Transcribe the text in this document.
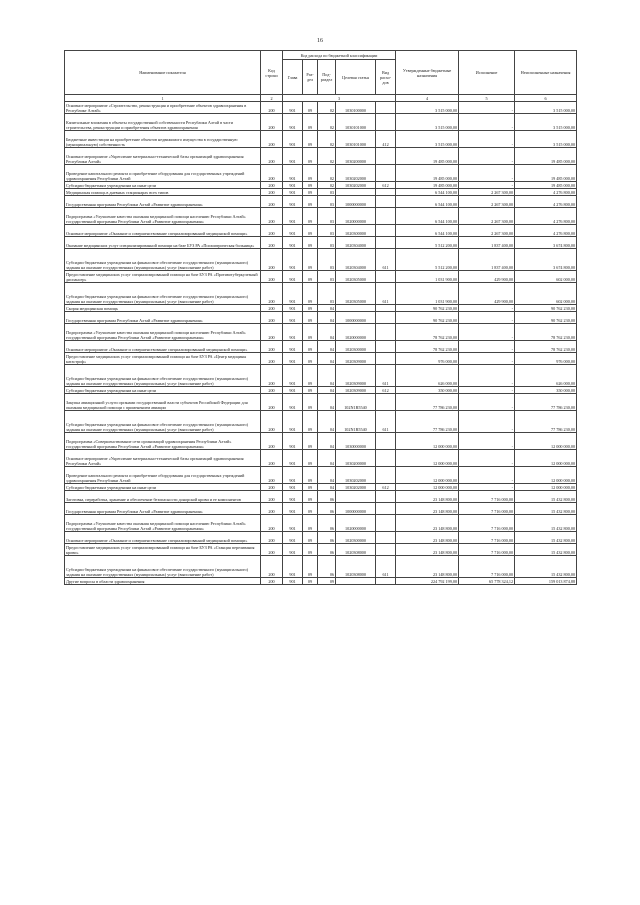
16
Наименование показателя	Код строки	Код расхода по бюджетной классификации					Утвержденные бюджетные назначения	Исполнение	Неисполненные назначения
		Глава	Раз-дел	Под-раздел	Целевая статья	Вид расхо-дов			
1	2	3					4	5	6
Основное мероприятие «Строительство, реконструкция и приобретение объектов здравоохранения в Республике Алтай»	200	901	09	02	1030100000		3 515 000,00	-	3 515 000,00
Капитальные вложения в объекты государственной собственности Республики Алтай в части строительства, реконструкции и приобретения объектов здравоохранения	200	901	09	02	1030101000		3 515 000,00	-	3 515 000,00
Бюджетные инвестиции на приобретение объектов недвижимого имущества в государственную (муниципальную) собственность	200	901	09	02	1030101000	412	3 515 000,00	-	3 515 000,00
Основное мероприятие «Укрепление материально-технической базы организаций здравоохранения Республики Алтай»	200	901	09	02	1030200000		19 485 000,00	-	19 485 000,00
Проведение капитального ремонта и приобретение оборудования для государственных учреждений здравоохранения Республики Алтай	200	901	09	02	1030202000		19 485 000,00	-	19 485 000,00
Субсидии бюджетным учреждениям на иные цели	200	901	09	02	1030202000	612	19 485 000,00	-	19 485 000,00
Медицинская помощь в дневных стационарах всех типов	200	901	09	03			6 544 100,00	2 267 300,00	4 276 800,00
Государственная программа Республики Алтай «Развитие здравоохранения»	200	901	09	03	1000000000		6 544 100,00	2 267 300,00	4 276 800,00
Подпрограмма «Улучшение качества оказания медицинской помощи населению Республики Алтай» государственной программы Республики Алтай «Развитие здравоохранения»	200	901	09	03	1020000000		6 544 100,00	2 267 300,00	4 276 800,00
Основное мероприятие «Оказание и совершенствование специализированной медицинской помощи»	200	901	09	03	1020300000		6 544 100,00	2 267 300,00	4 276 800,00
Оказание медицинских услуг специализированной помощи на базе БУЗ РА «Психиатрическая больница»	200	901	09	03	1020304000		5 512 200,00	1 837 400,00	3 674 800,00
Субсидии бюджетным учреждениям на финансовое обеспечение государственного (муниципального) задания на оказание государственных (муниципальных) услуг (выполнение работ)	200	901	09	03	1020304000	611	5 512 200,00	1 837 400,00	3 674 800,00
Предоставление медицинских услуг специализированной помощи на базе БУЗ РА «Противотуберкулезный диспансер»	200	901	09	03	1020305000		1 031 900,00	429 900,00	602 000,00
Субсидии бюджетным учреждениям на финансовое обеспечение государственного (муниципального) задания на оказание государственных (муниципальных) услуг (выполнение работ)	200	901	09	03	1020305000	611	1 031 900,00	429 900,00	602 000,00
Скорая медицинская помощь	200	901	09	04			90 762 230,00	-	90 762 230,00
Государственная программа Республики Алтай «Развитие здравоохранения»	200	901	09	04	1000000000		90 762 230,00	-	90 762 230,00
Подпрограмма «Улучшение качества оказания медицинской помощи населению Республики Алтай» государственной программы Республики Алтай «Развитие здравоохранения»	200	901	09	04	1020000000		78 762 230,00	-	78 762 230,00
Основное мероприятие «Оказание и совершенствование специализированной медицинской помощи»	200	901	09	04	1020300000		78 762 230,00	-	78 762 230,00
Предоставление медицинских услуг специализированной помощи на базе БУЗ РА «Центр медицины катастроф»	200	901	09	04	1020309000		976 000,00	-	976 000,00
Субсидии бюджетным учреждениям на финансовое обеспечение государственного (муниципального) задания на оказание государственных (муниципальных) услуг (выполнение работ)	200	901	09	04	1020309000	611	626 000,00	-	626 000,00
Субсидии бюджетным учреждениям на иные цели	200	901	09	04	1020309000	612	350 000,00	-	350 000,00
Закупка авиационной услуги органами государственной власти субъектов Российской Федерации для оказания медицинской помощи с применением авиации	200	901	09	04	102N1R5540		77 786 230,00	-	77 786 230,00
Субсидии бюджетным учреждениям на финансовое обеспечение государственного (муниципального) задания на оказание государственных (муниципальных) услуг (выполнение работ)	200	901	09	04	102N1R5540	611	77 786 230,00	-	77 786 230,00
Подпрограмма «Совершенствование сети организаций здравоохранения Республики Алтай» государственной программы Республики Алтай «Развитие здравоохранения»	200	901	09	04	1030000000		12 000 000,00	-	12 000 000,00
Основное мероприятие «Укрепление материально-технической базы организаций здравоохранения Республики Алтай»	200	901	09	04	1030200000		12 000 000,00	-	12 000 000,00
Проведение капитального ремонта и приобретение оборудования для государственных учреждений здравоохранения Республики Алтай	200	901	09	04	1030202000		12 000 000,00	-	12 000 000,00
Субсидии бюджетным учреждениям на иные цели	200	901	09	04	1030202000	612	12 000 000,00	-	12 000 000,00
Заготовка, переработка, хранение и обеспечение безопасности донорской крови и ее компонентов	200	901	09	06			23 148 800,00	7 716 000,00	15 432 800,00
Государственная программа Республики Алтай «Развитие здравоохранения»	200	901	09	06	1000000000		23 148 800,00	7 716 000,00	15 432 800,00
Подпрограмма «Улучшение качества оказания медицинской помощи населению Республики Алтай» государственной программы Республики Алтай «Развитие здравоохранения»	200	901	09	06	1020000000		23 148 800,00	7 716 000,00	15 432 800,00
Основное мероприятие «Оказание и совершенствование специализированной медицинской помощи»	200	901	09	06	1020300000		23 148 800,00	7 716 000,00	15 432 800,00
Предоставление медицинских услуг специализированной помощи на базе БУЗ РА «Станция переливания крови»	200	901	09	06	1020308000		23 148 800,00	7 716 000,00	15 432 800,00
Субсидии бюджетным учреждениям на финансовое обеспечение государственного (муниципального) задания на оказание государственных (муниципальных) услуг (выполнение работ)	200	901	09	06	1020308000	611	23 148 800,00	7 716 000,00	15 432 800,00
Другие вопросы в области здравоохранения	200	901	09	09			224 792 199,00	65 778 324,12	159 013 874,88
